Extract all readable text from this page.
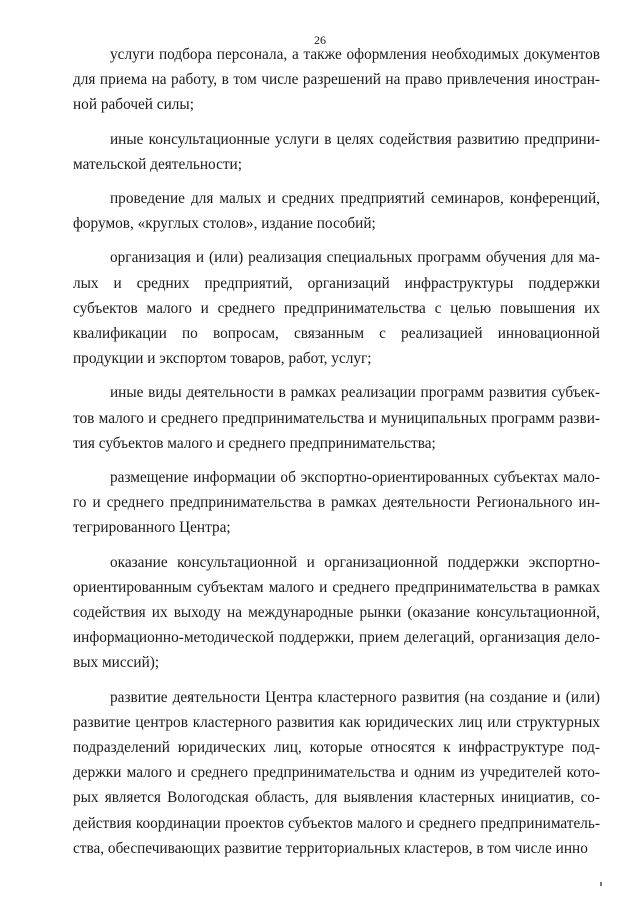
26

услуги подбора персонала, а также оформления необходимых документов для приема на работу, в том числе разрешений на право привлечения иностранной рабочей силы;

иные консультационные услуги в целях содействия развитию предпринимательской деятельности;

проведение для малых и средних предприятий семинаров, конференций, форумов, «круглых столов», издание пособий;

организация и (или) реализация специальных программ обучения для малых и средних предприятий, организаций инфраструктуры поддержки субъектов малого и среднего предпринимательства с целью повышения их квалификации по вопросам, связанным с реализацией инновационной продукции и экспортом товаров, работ, услуг;

иные виды деятельности в рамках реализации программ развития субъектов малого и среднего предпринимательства и муниципальных программ развития субъектов малого и среднего предпринимательства;

размещение информации об экспортно-ориентированных субъектах малого и среднего предпринимательства в рамках деятельности Регионального интегрированного Центра;

оказание консультационной и организационной поддержки экспортно-ориентированным субъектам малого и среднего предпринимательства в рамках содействия их выходу на международные рынки (оказание консультационной, информационно-методической поддержки, прием делегаций, организация деловых миссий);

развитие деятельности Центра кластерного развития (на создание и (или) развитие центров кластерного развития как юридических лиц или структурных подразделений юридических лиц, которые относятся к инфраструктуре поддержки малого и среднего предпринимательства и одним из учредителей которых является Вологодская область, для выявления кластерных инициатив, содействия координации проектов субъектов малого и среднего предпринимательства, обеспечивающих развитие территориальных кластеров, в том числе инно
